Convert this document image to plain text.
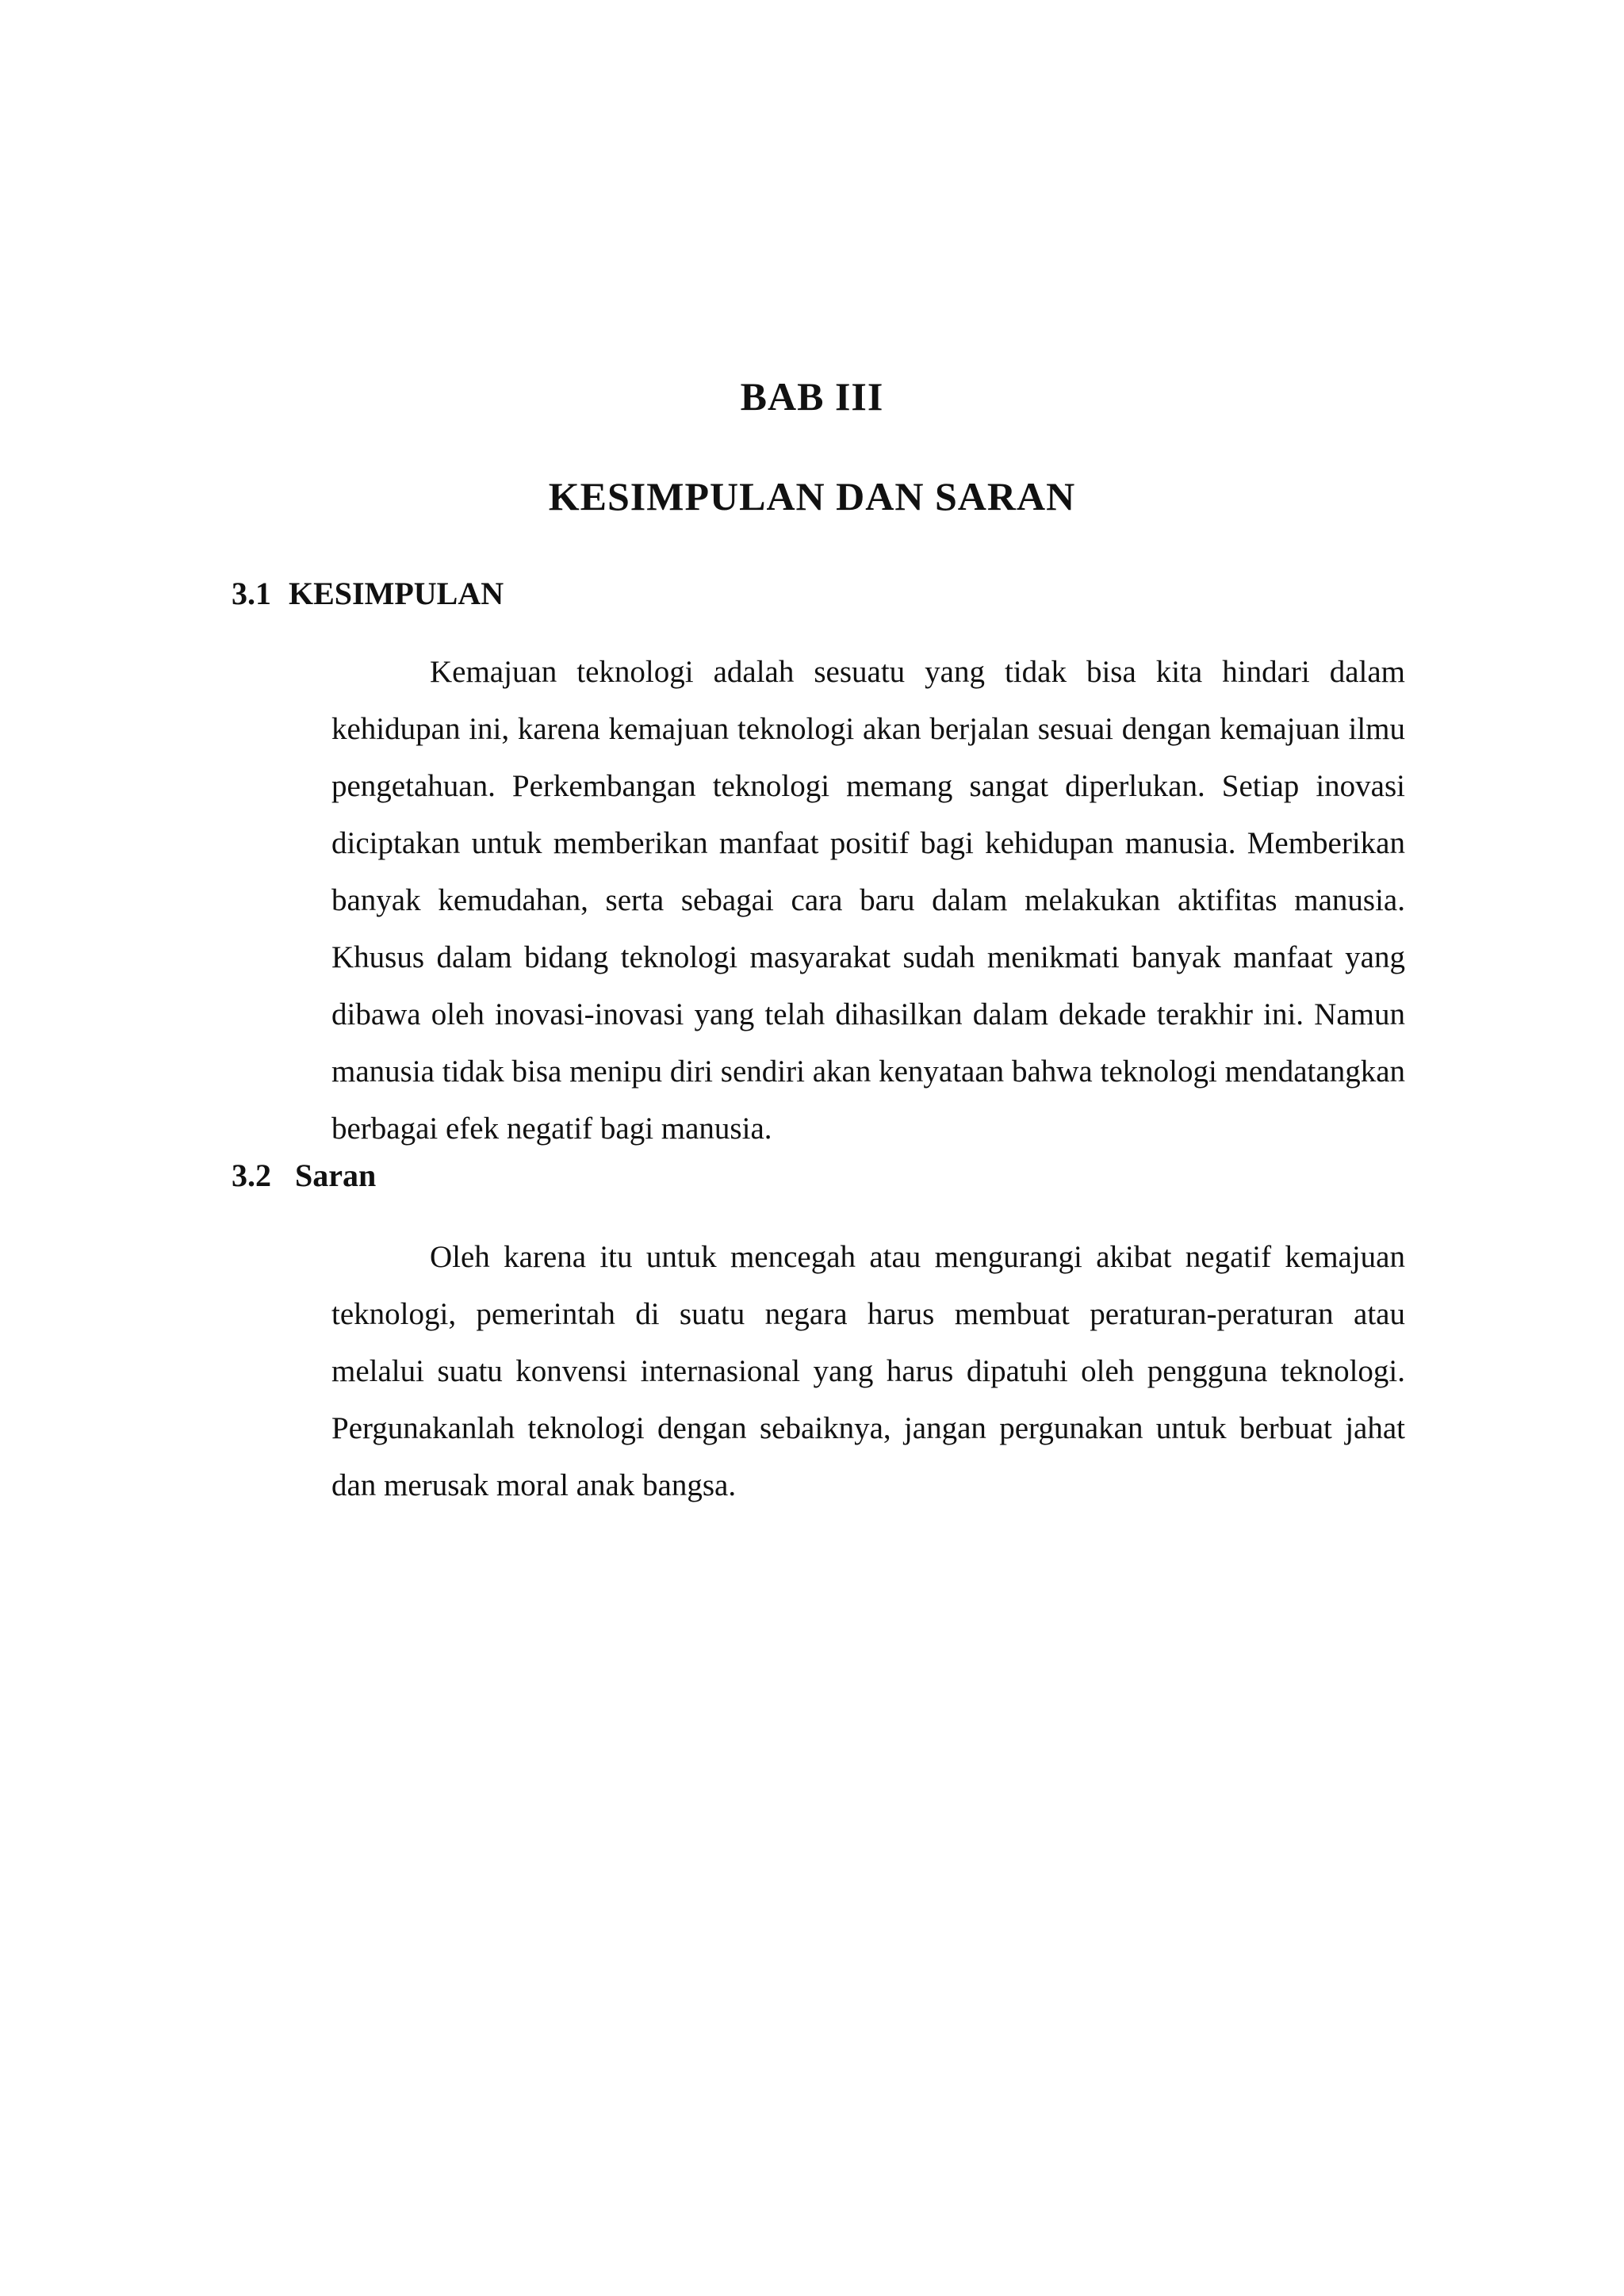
BAB III
KESIMPULAN DAN SARAN
3.1 KESIMPULAN

Kemajuan teknologi adalah sesuatu yang tidak bisa kita hindari dalam kehidupan ini, karena kemajuan teknologi akan berjalan sesuai dengan kemajuan ilmu pengetahuan. Perkembangan teknologi memang sangat diperlukan. Setiap inovasi diciptakan untuk memberikan manfaat positif bagi kehidupan manusia. Memberikan banyak kemudahan, serta sebagai cara baru dalam melakukan aktifitas manusia. Khusus dalam bidang teknologi masyarakat sudah menikmati banyak manfaat yang dibawa oleh inovasi-inovasi yang telah dihasilkan dalam dekade terakhir ini. Namun manusia tidak bisa menipu diri sendiri akan kenyataan bahwa teknologi mendatangkan berbagai efek negatif bagi manusia.

3.2 Saran

Oleh karena itu untuk mencegah atau mengurangi akibat negatif kemajuan teknologi, pemerintah di suatu negara harus membuat peraturan-peraturan atau melalui suatu konvensi internasional yang harus dipatuhi oleh pengguna teknologi. Pergunakanlah teknologi dengan sebaiknya, jangan pergunakan untuk berbuat jahat dan merusak moral anak bangsa.
